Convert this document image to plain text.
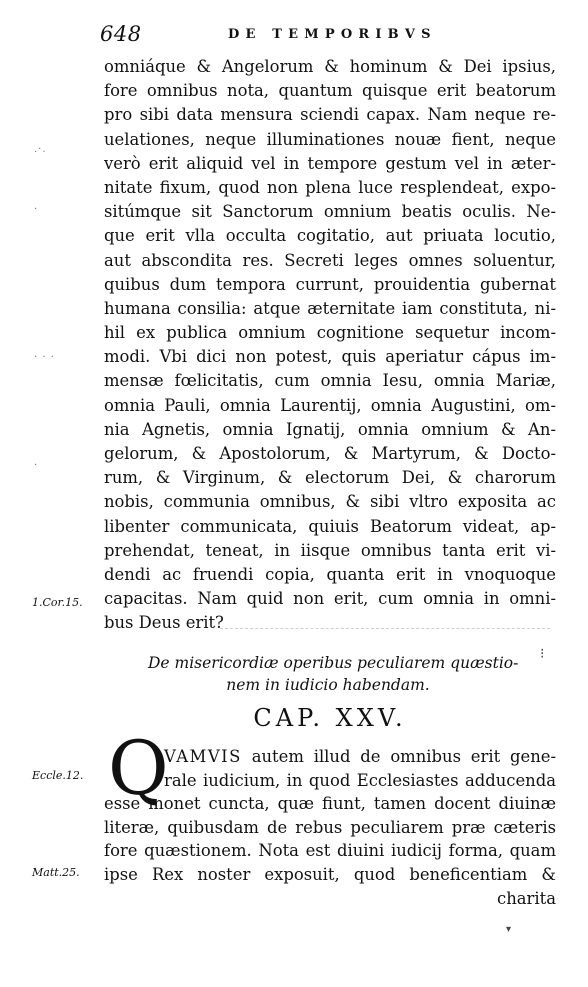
648	DE TEMPORIBVS
.·.
·
· · ·
·
omniáque & Angelorum & hominum & Dei ipsius,
fore omnibus nota, quantum quisque erit beatorum
pro sibi data mensura sciendi capax. Nam neque re-
uelationes, neque illuminationes nouæ fient, neque
verò erit aliquid vel in tempore gestum vel in æter-
nitate fixum, quod non plena luce resplendeat, expo-
sitúmque sit Sanctorum omnium beatis oculis. Ne-
que erit vlla occulta cogitatio, aut priuata locutio,
aut abscondita res. Secreti leges omnes soluentur,
quibus dum tempora currunt, prouidentia gubernat
humana consilia: atque æternitate iam constituta, ni-
hil ex publica omnium cognitione sequetur incom-
modi. Vbi dici non potest, quis aperiatur cápus im-
mensæ fœlicitatis, cum omnia Iesu, omnia Mariæ,
omnia Pauli, omnia Laurentij, omnia Augustini, om-
nia Agnetis, omnia Ignatij, omnia omnium & An-
gelorum, & Apostolorum, & Martyrum, & Docto-
rum, & Virginum, & electorum Dei, & charorum
nobis, communia omnibus, & sibi vltro exposita ac
libenter communicata, quiuis Beatorum videat, ap-
prehendat, teneat, in iisque omnibus tanta erit vi-
dendi ac fruendi copia, quanta erit in vnoquoque
capacitas. Nam quid non erit, cum omnia in omni-
bus Deus erit?
1.Cor.15.
⁝
De misericordiæ operibus peculiarem quæstio-
nem in iudicio habendam.
CAP. XXV.
Q
Eccle.12.
Matt.25.
VAMVIS autem illud de omnibus erit gene-
rale iudicium, in quod Ecclesiastes adducenda
esse monet cuncta, quæ fiunt, tamen docent diuinæ
literæ, quibusdam de rebus peculiarem præ cæteris
fore quæstionem. Nota est diuini iudicij forma, quam
ipse Rex noster exposuit, quod beneficentiam &
charita
▾
